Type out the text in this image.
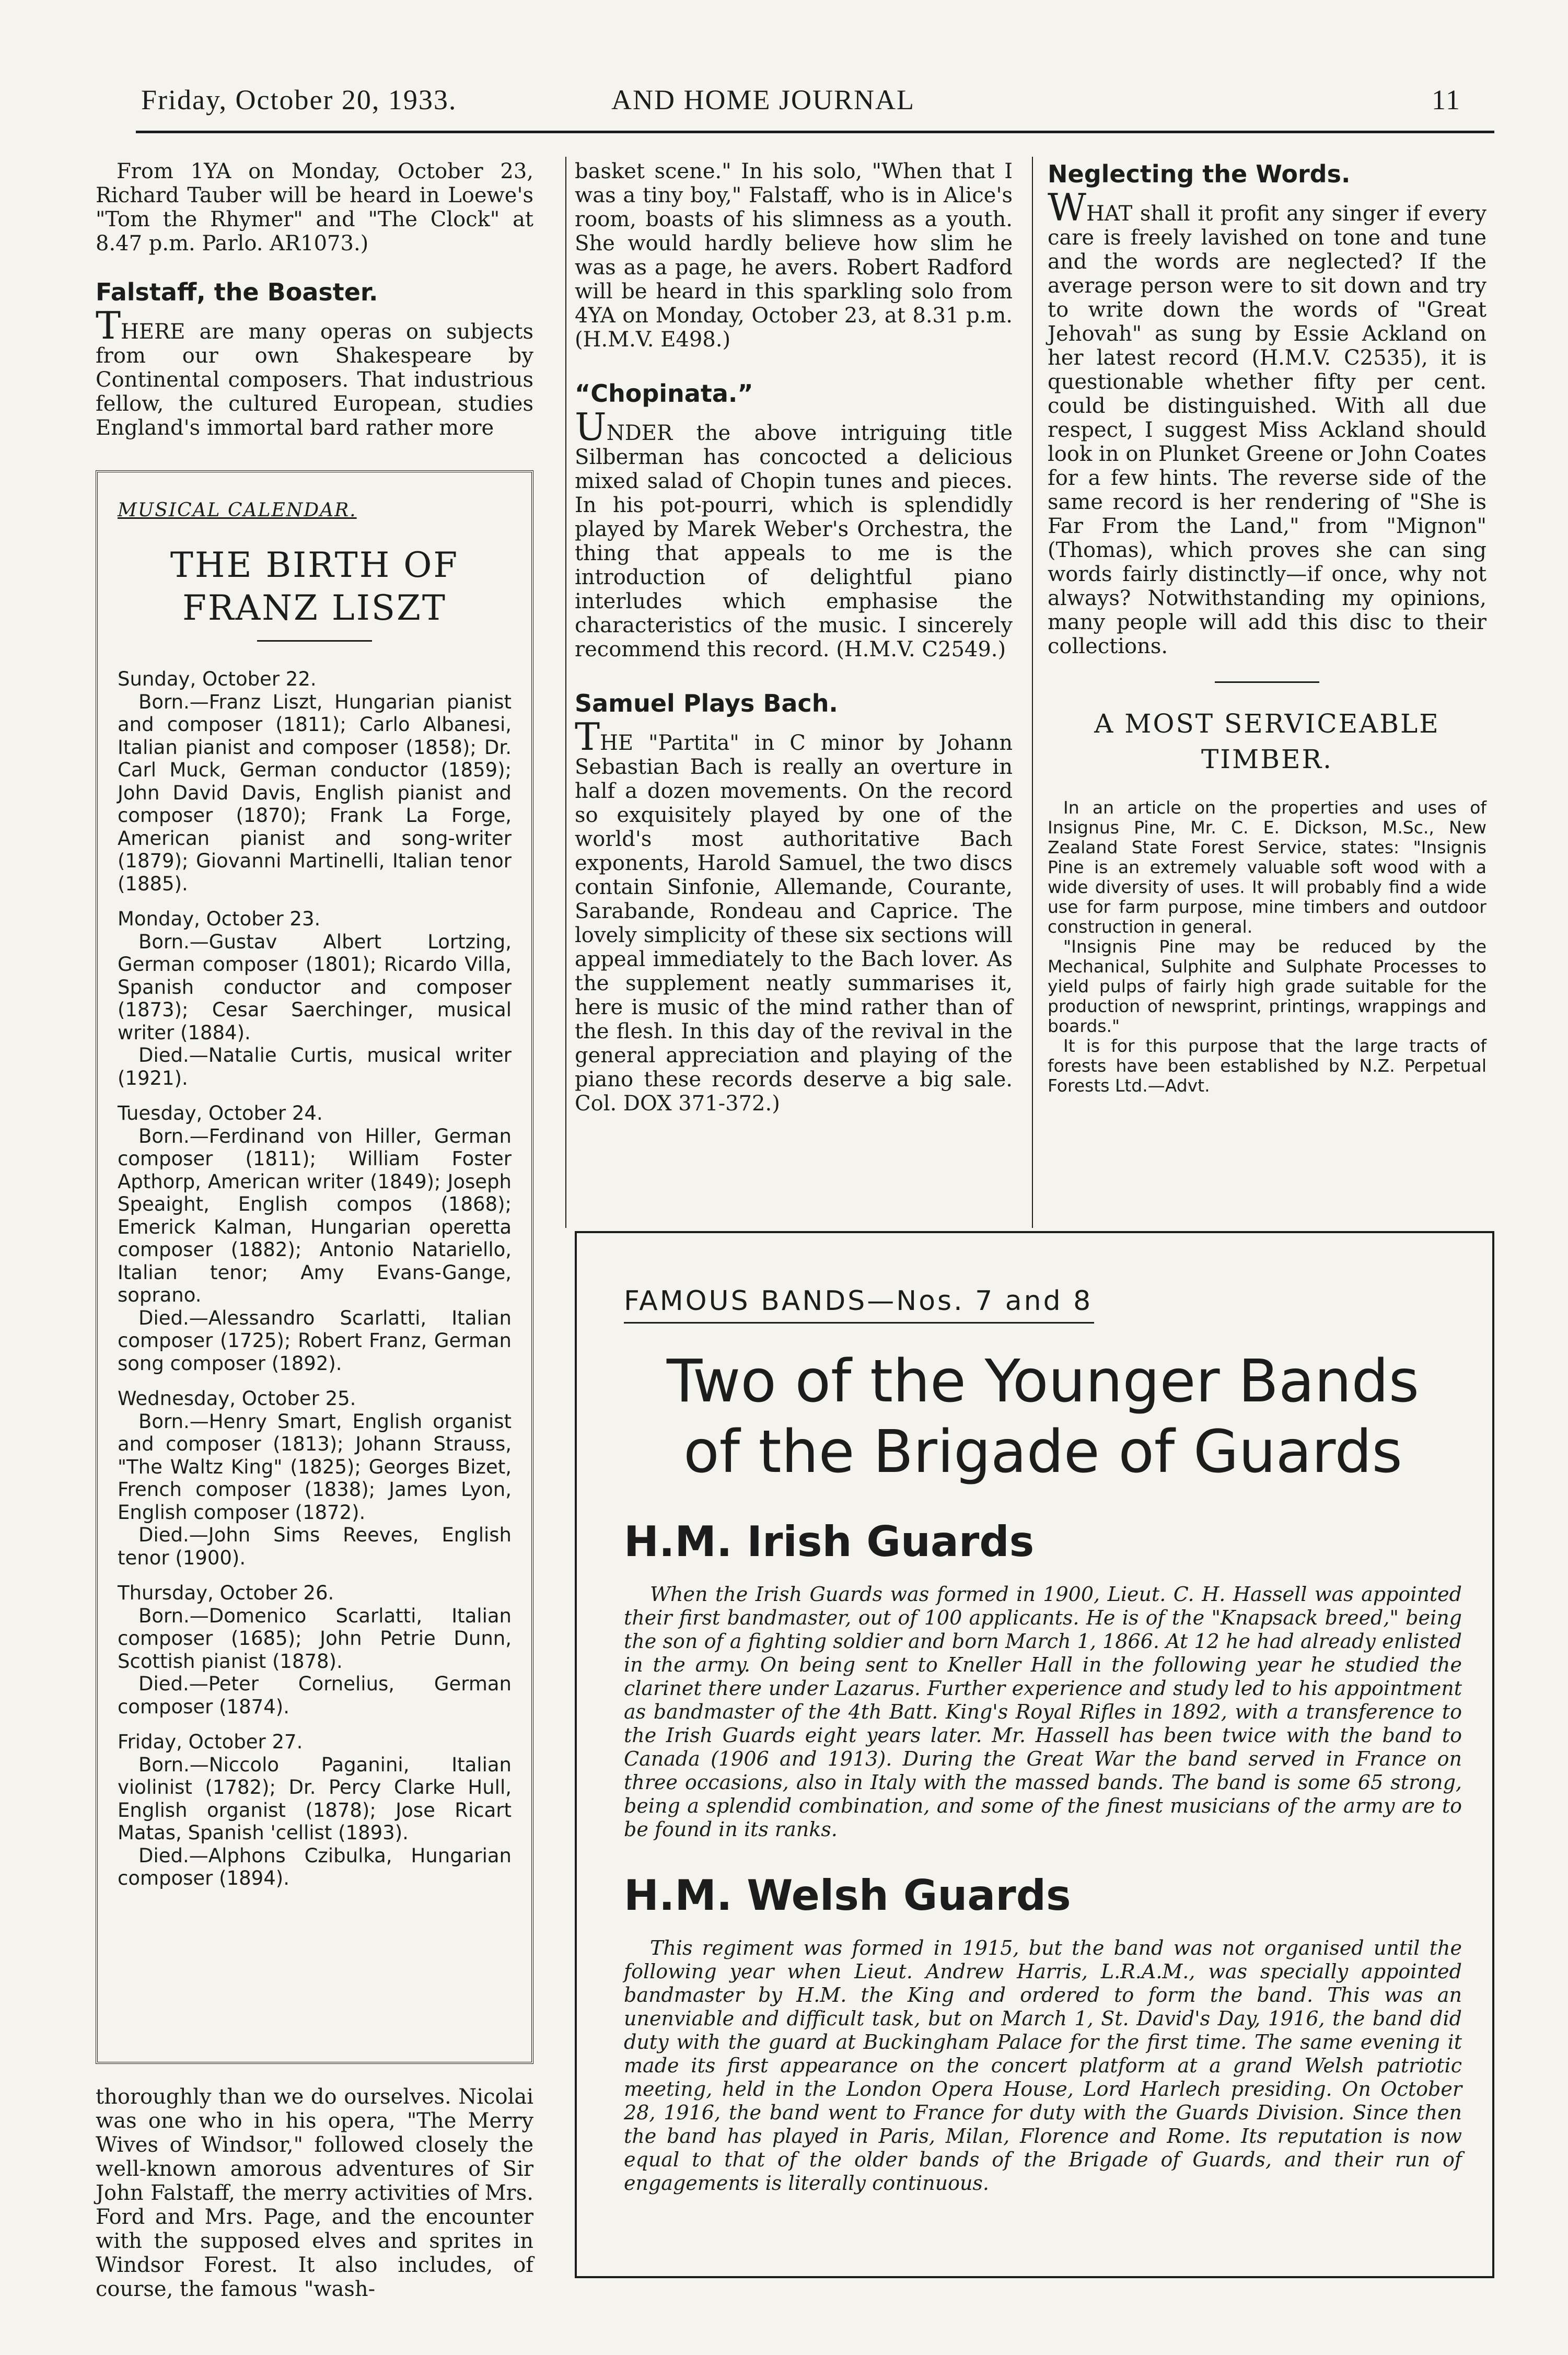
Friday, October 20, 1933.	AND HOME JOURNAL	11

From 1YA on Monday, October 23, Richard Tauber will be heard in Loewe's "Tom the Rhymer" and "The Clock" at 8.47 p.m. Parlo. AR1073.)

Falstaff, the Boaster.

THERE are many operas on subjects from our own Shakespeare by Continental composers. That industrious fellow, the cultured European, studies England's immortal bard rather more

MUSICAL CALENDAR.
THE BIRTH OF
FRANZ LISZT
Sunday, October 22.

Born.—Franz Liszt, Hungarian pianist and composer (1811); Carlo Albanesi, Italian pianist and composer (1858); Dr. Carl Muck, German conductor (1859); John David Davis, English pianist and composer (1870); Frank La Forge, American pianist and song-writer (1879); Giovanni Martinelli, Italian tenor (1885).

Monday, October 23.

Born.—Gustav Albert Lortzing, German composer (1801); Ricardo Villa, Spanish conductor and composer (1873); Cesar Saerchinger, musical writer (1884).

Died.—Natalie Curtis, musical writer (1921).

Tuesday, October 24.

Born.—Ferdinand von Hiller, German composer (1811); William Foster Apthorp, American writer (1849); Joseph Speaight, English compos (1868); Emerick Kalman, Hungarian operetta composer (1882); Antonio Natariello, Italian tenor; Amy Evans-Gange, soprano.

Died.—Alessandro Scarlatti, Italian composer (1725); Robert Franz, German song composer (1892).

Wednesday, October 25.

Born.—Henry Smart, English organist and composer (1813); Johann Strauss, "The Waltz King" (1825); Georges Bizet, French composer (1838); James Lyon, English composer (1872).

Died.—John Sims Reeves, English tenor (1900).

Thursday, October 26.

Born.—Domenico Scarlatti, Italian composer (1685); John Petrie Dunn, Scottish pianist (1878).

Died.—Peter Cornelius, German composer (1874).

Friday, October 27.

Born.—Niccolo Paganini, Italian violinist (1782); Dr. Percy Clarke Hull, English organist (1878); Jose Ricart Matas, Spanish 'cellist (1893).

Died.—Alphons Czibulka, Hungarian composer (1894).

thoroughly than we do ourselves. Nicolai was one who in his opera, "The Merry Wives of Windsor," followed closely the well-known amorous adventures of Sir John Falstaff, the merry activities of Mrs. Ford and Mrs. Page, and the encounter with the supposed elves and sprites in Windsor Forest. It also includes, of course, the famous "wash-

basket scene." In his solo, "When that I was a tiny boy," Falstaff, who is in Alice's room, boasts of his slimness as a youth. She would hardly believe how slim he was as a page, he avers. Robert Radford will be heard in this sparkling solo from 4YA on Monday, October 23, at 8.31 p.m. (H.M.V. E498.)

“Chopinata.”

UNDER the above intriguing title Silberman has concocted a delicious mixed salad of Chopin tunes and pieces. In his pot-pourri, which is splendidly played by Marek Weber's Orchestra, the thing that appeals to me is the introduction of delightful piano interludes which emphasise the characteristics of the music. I sincerely recommend this record. (H.M.V. C2549.)

Samuel Plays Bach.

THE "Partita" in C minor by Johann Sebastian Bach is really an overture in half a dozen movements. On the record so exquisitely played by one of the world's most authoritative Bach exponents, Harold Samuel, the two discs contain Sinfonie, Allemande, Courante, Sarabande, Rondeau and Caprice. The lovely simplicity of these six sections will appeal immediately to the Bach lover. As the supplement neatly summarises it, here is music of the mind rather than of the flesh. In this day of the revival in the general appreciation and playing of the piano these records deserve a big sale. Col. DOX 371-372.)

Neglecting the Words.

WHAT shall it profit any singer if every care is freely lavished on tone and tune and the words are neglected? If the average person were to sit down and try to write down the words of "Great Jehovah" as sung by Essie Ackland on her latest record (H.M.V. C2535), it is questionable whether fifty per cent. could be distinguished. With all due respect, I suggest Miss Ackland should look in on Plunket Greene or John Coates for a few hints. The reverse side of the same record is her rendering of "She is Far From the Land," from "Mignon" (Thomas), which proves she can sing words fairly distinctly—if once, why not always? Notwithstanding my opinions, many people will add this disc to their collections.

A MOST SERVICEABLE
TIMBER.

In an article on the properties and uses of Insignus Pine, Mr. C. E. Dickson, M.Sc., New Zealand State Forest Service, states: "Insignis Pine is an extremely valuable soft wood with a wide diversity of uses. It will probably find a wide use for farm purpose, mine timbers and outdoor construction in general.

"Insignis Pine may be reduced by the Mechanical, Sulphite and Sulphate Processes to yield pulps of fairly high grade suitable for the production of newsprint, printings, wrappings and boards."

It is for this purpose that the large tracts of forests have been established by N.Z. Perpetual Forests Ltd.—Advt.

FAMOUS BANDS—Nos. 7 and 8
Two of the Younger Bands
of the Brigade of Guards
H.M. Irish Guards

When the Irish Guards was formed in 1900, Lieut. C. H. Hassell was appointed their first bandmaster, out of 100 applicants. He is of the "Knapsack breed," being the son of a fighting soldier and born March 1, 1866. At 12 he had already enlisted in the army. On being sent to Kneller Hall in the following year he studied the clarinet there under Lazarus. Further experience and study led to his appointment as bandmaster of the 4th Batt. King's Royal Rifles in 1892, with a transference to the Irish Guards eight years later. Mr. Hassell has been twice with the band to Canada (1906 and 1913). During the Great War the band served in France on three occasions, also in Italy with the massed bands. The band is some 65 strong, being a splendid combination, and some of the finest musicians of the army are to be found in its ranks.

H.M. Welsh Guards

This regiment was formed in 1915, but the band was not organised until the following year when Lieut. Andrew Harris, L.R.A.M., was specially appointed bandmaster by H.M. the King and ordered to form the band. This was an unenviable and difficult task, but on March 1, St. David's Day, 1916, the band did duty with the guard at Buckingham Palace for the first time. The same evening it made its first appearance on the concert platform at a grand Welsh patriotic meeting, held in the London Opera House, Lord Harlech presiding. On October 28, 1916, the band went to France for duty with the Guards Division. Since then the band has played in Paris, Milan, Florence and Rome. Its reputation is now equal to that of the older bands of the Brigade of Guards, and their run of engagements is literally continuous.
